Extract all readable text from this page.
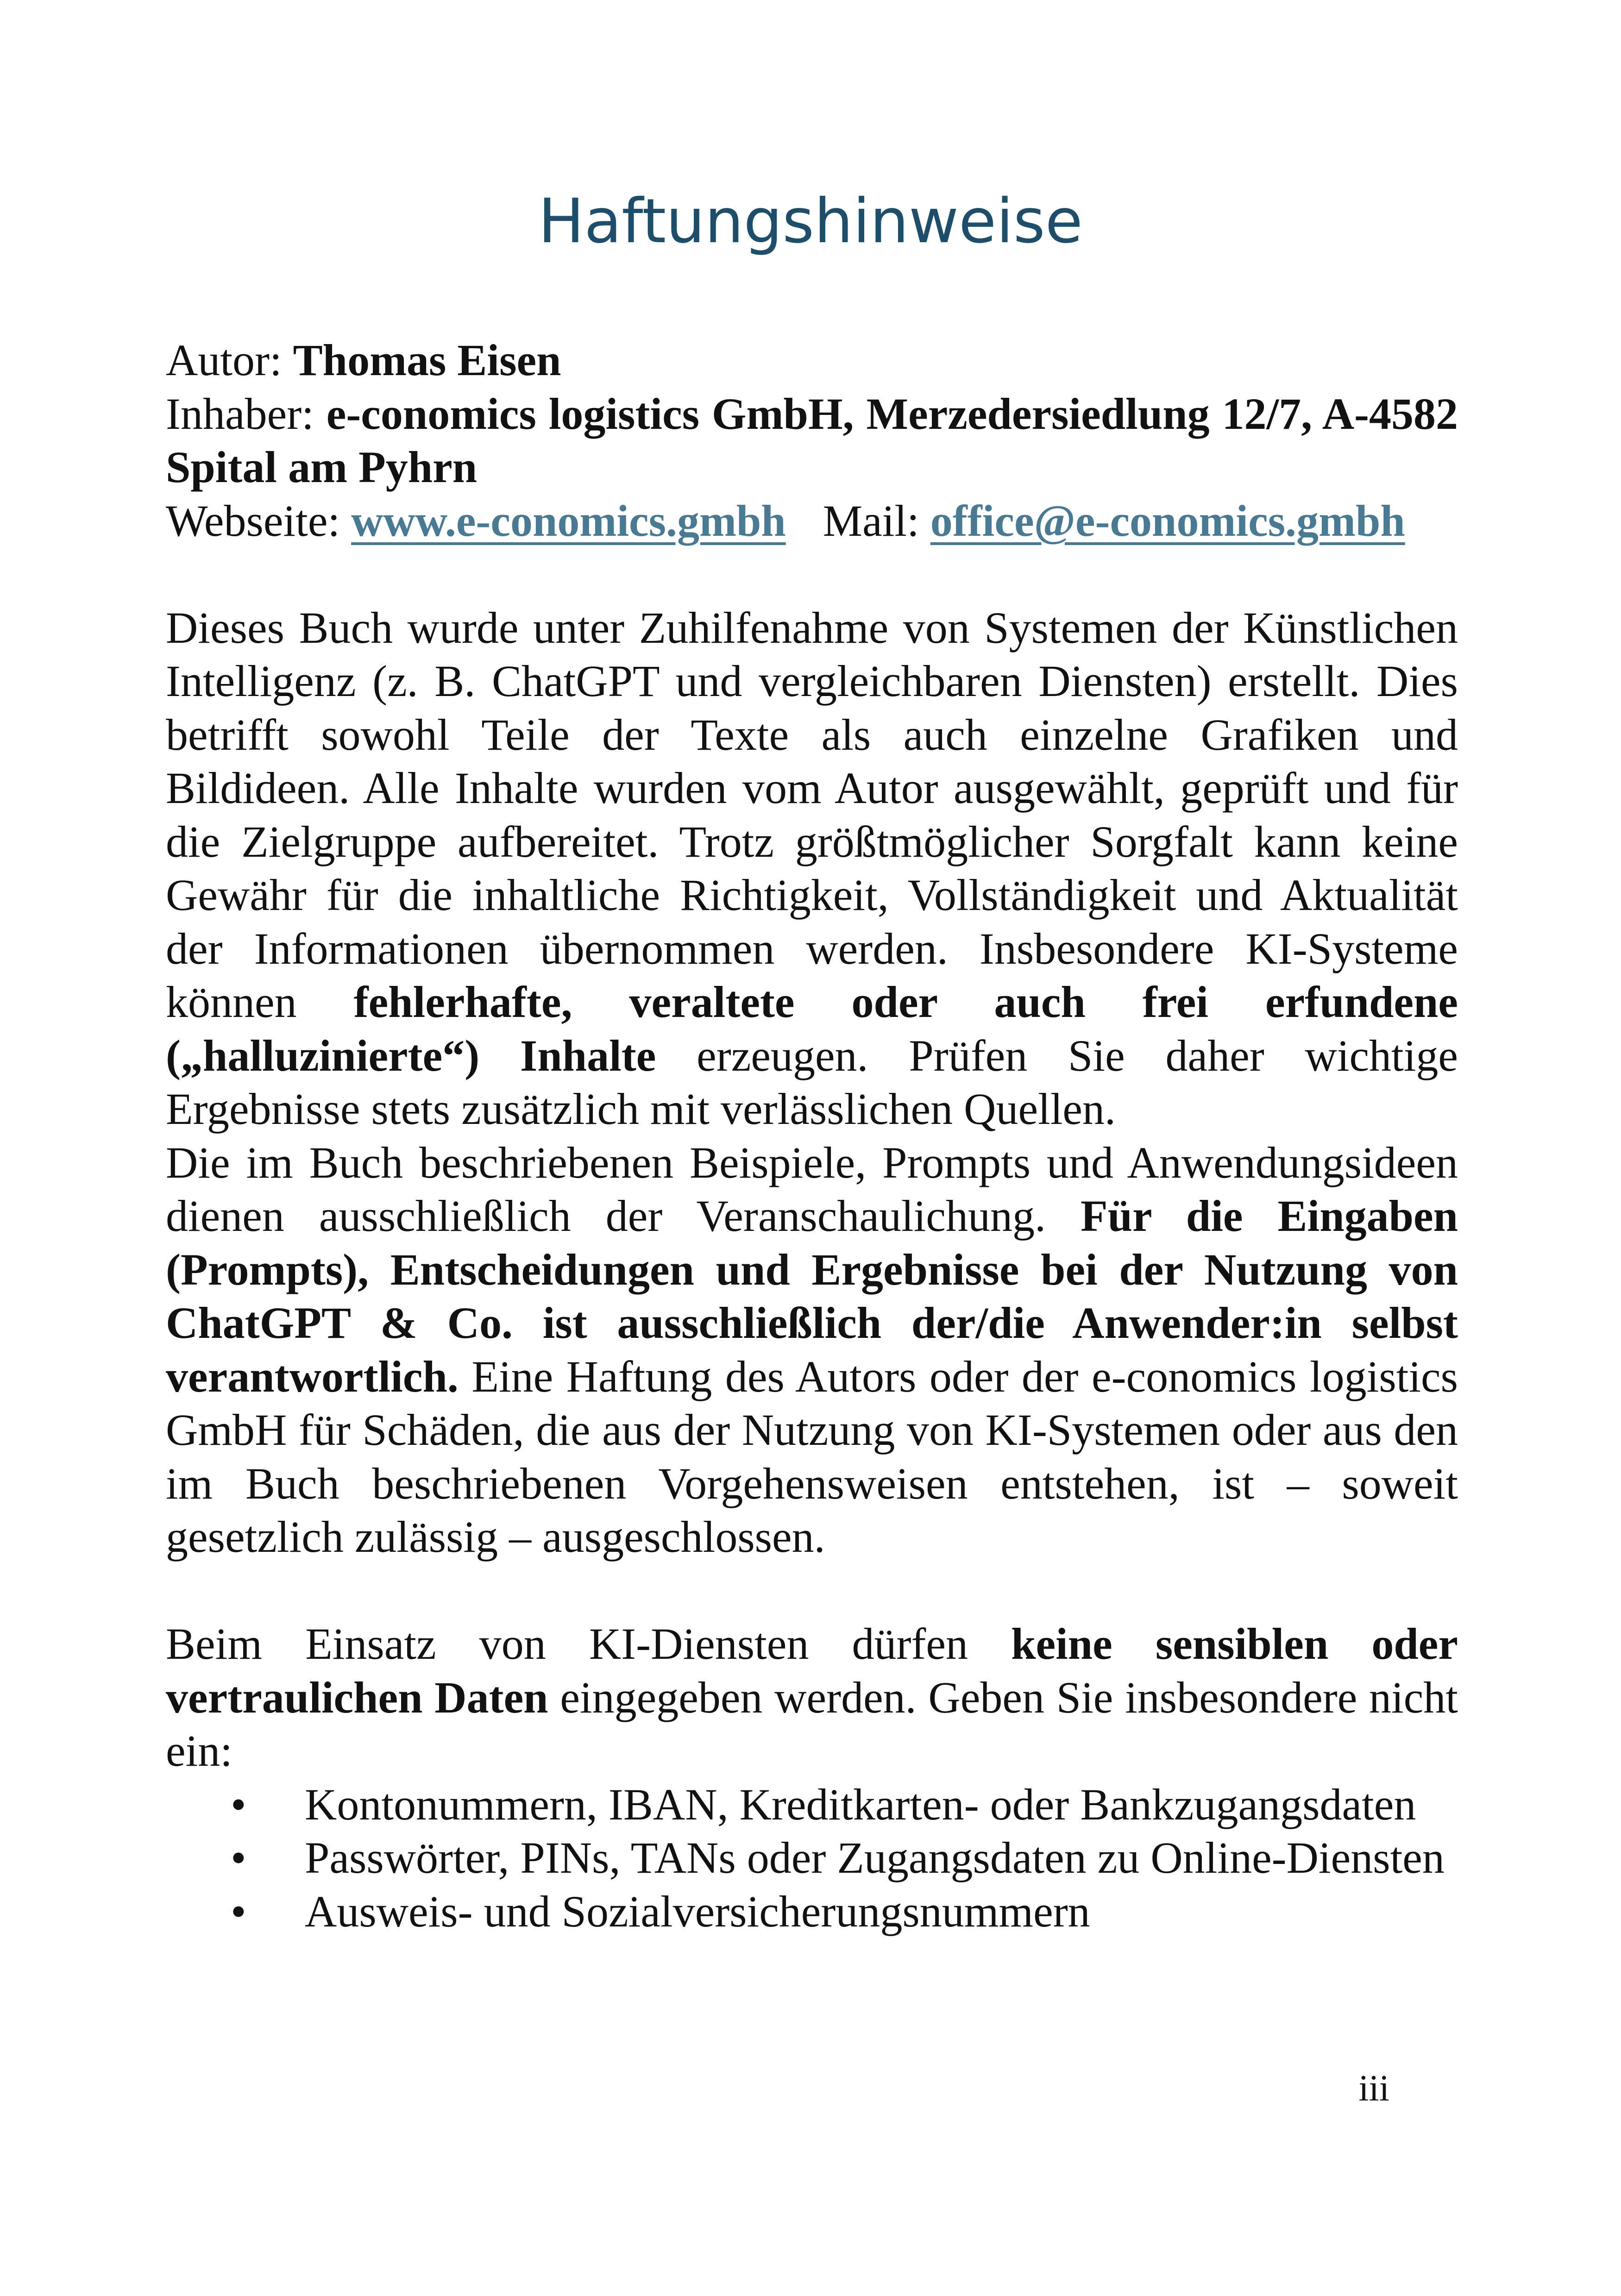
Haftungshinweise
Autor: Thomas Eisen
Inhaber: e-conomics logistics GmbH, Merzedersiedlung 12/7, A-4582 Spital am Pyhrn
Webseite: www.e-conomics.gmbh Mail: office@e-conomics.gmbh

Dieses Buch wurde unter Zuhilfenahme von Systemen der Künstlichen Intelligenz (z. B. ChatGPT und vergleichbaren Diensten) erstellt. Dies betrifft sowohl Teile der Texte als auch einzelne Grafiken und Bildideen. Alle Inhalte wurden vom Autor ausgewählt, geprüft und für die Zielgruppe aufbereitet. Trotz größtmöglicher Sorgfalt kann keine Gewähr für die inhaltliche Richtigkeit, Vollständigkeit und Aktualität der Informationen übernommen werden. Insbesondere KI-Systeme können fehlerhafte, veraltete oder auch frei erfundene („halluzinierte“) Inhalte erzeugen. Prüfen Sie daher wichtige Ergebnisse stets zusätzlich mit verlässlichen Quellen.

Die im Buch beschriebenen Beispiele, Prompts und Anwendungsideen dienen ausschließlich der Veranschaulichung. Für die Eingaben (Prompts), Entscheidungen und Ergebnisse bei der Nutzung von ChatGPT & Co. ist ausschließlich der/die Anwender:in selbst verantwortlich. Eine Haftung des Autors oder der e-conomics logistics GmbH für Schäden, die aus der Nutzung von KI-Systemen oder aus den im Buch beschriebenen Vorgehensweisen entstehen, ist – soweit gesetzlich zulässig – ausgeschlossen.

Beim Einsatz von KI-Diensten dürfen keine sensiblen oder vertraulichen Daten eingegeben werden. Geben Sie insbesondere nicht ein:

• Kontonummern, IBAN, Kreditkarten- oder Bankzugangsdaten
• Passwörter, PINs, TANs oder Zugangsdaten zu Online-Diensten
• Ausweis- und Sozialversicherungsnummern
iii
